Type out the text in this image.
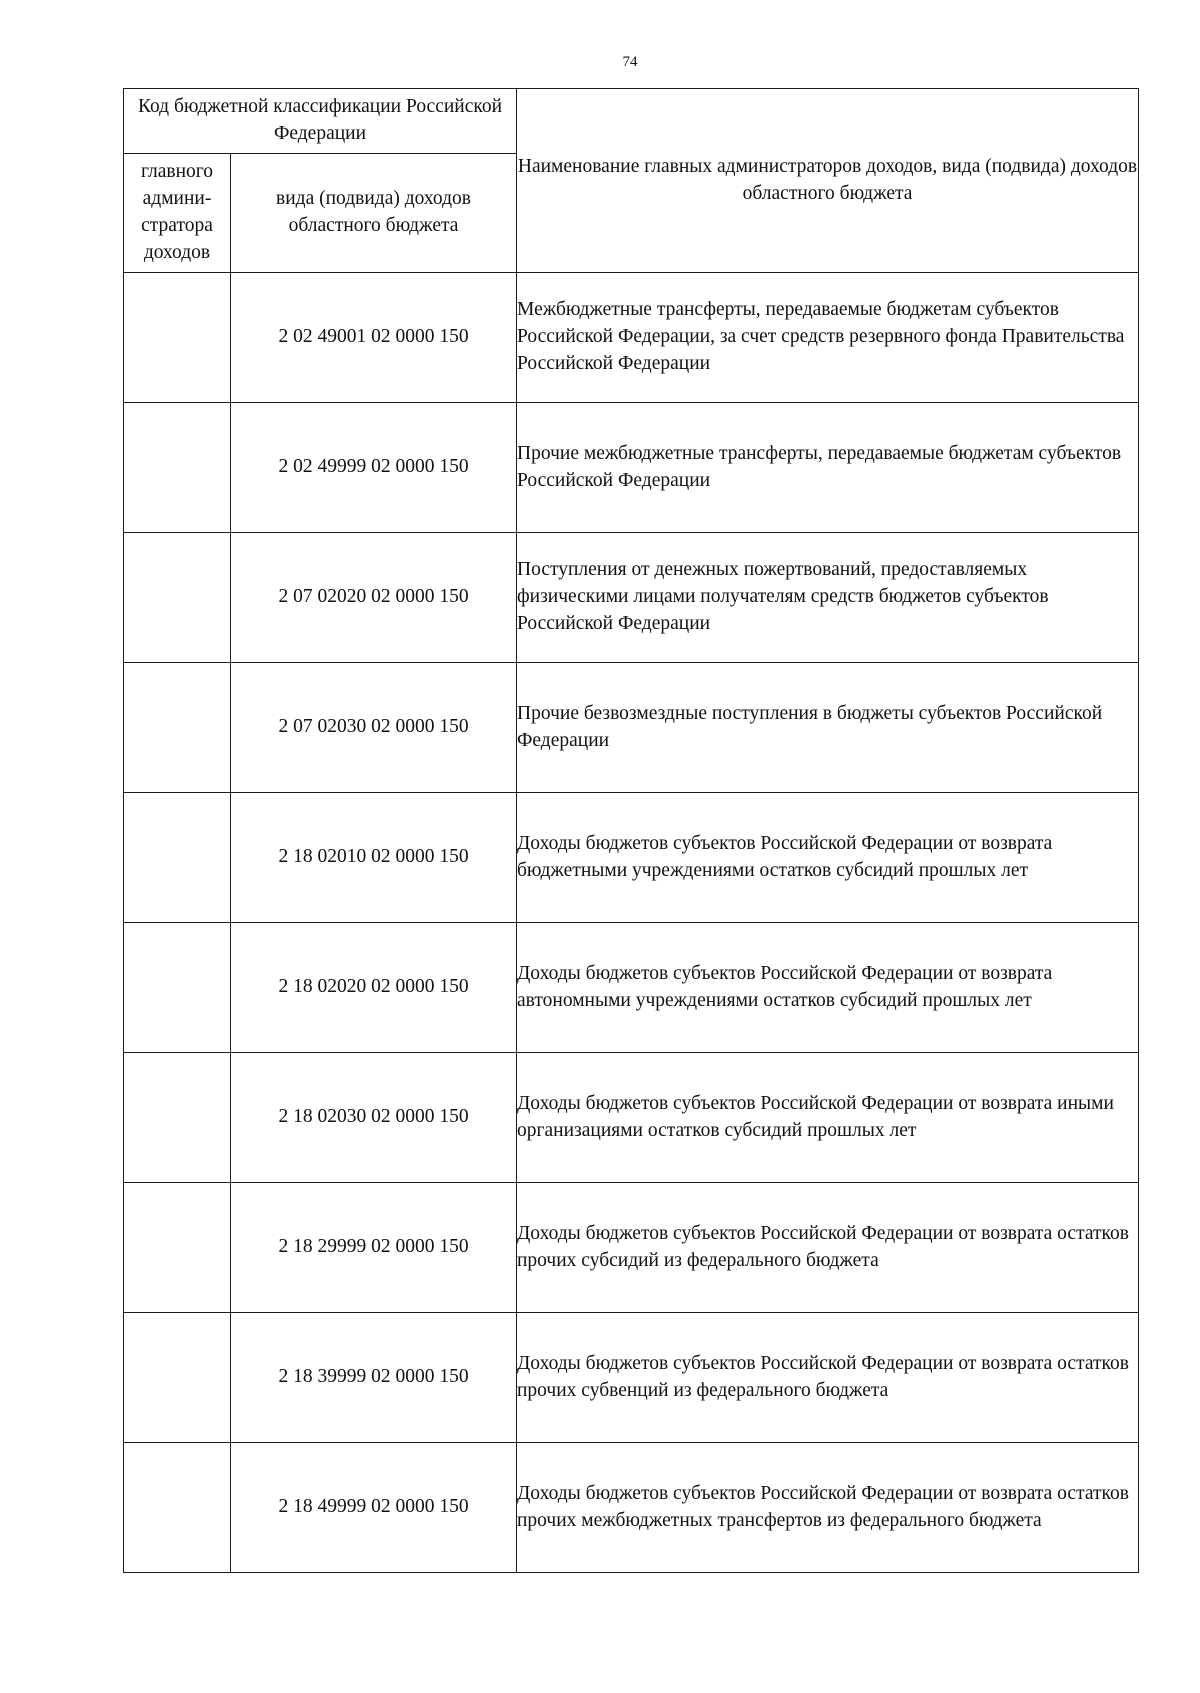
74
Код бюджетной классификации Российской Федерации		Наименование главных администраторов доходов, вида (подвида) доходов областного бюджета
главного админи-стратора доходов	вида (подвида) доходов областного бюджета	
	2 02 49001 02 0000 150	Межбюджетные трансферты, передаваемые бюджетам субъектов Российской Федерации, за счет средств резервного фонда Правительства Российской Федерации
	2 02 49999 02 0000 150	Прочие межбюджетные трансферты, передаваемые бюджетам субъектов Российской Федерации
	2 07 02020 02 0000 150	Поступления от денежных пожертвований, предоставляемых физическими лицами получателям средств бюджетов субъектов Российской Федерации
	2 07 02030 02 0000 150	Прочие безвозмездные поступления в бюджеты субъектов Российской Федерации
	2 18 02010 02 0000 150	Доходы бюджетов субъектов Российской Федерации от возврата бюджетными учреждениями остатков субсидий прошлых лет
	2 18 02020 02 0000 150	Доходы бюджетов субъектов Российской Федерации от возврата автономными учреждениями остатков субсидий прошлых лет
	2 18 02030 02 0000 150	Доходы бюджетов субъектов Российской Федерации от возврата иными организациями остатков субсидий прошлых лет
	2 18 29999 02 0000 150	Доходы бюджетов субъектов Российской Федерации от возврата остатков прочих субсидий из федерального бюджета
	2 18 39999 02 0000 150	Доходы бюджетов субъектов Российской Федерации от возврата остатков прочих субвенций из федерального бюджета
	2 18 49999 02 0000 150	Доходы бюджетов субъектов Российской Федерации от возврата остатков прочих межбюджетных трансфертов из федерального бюджета
